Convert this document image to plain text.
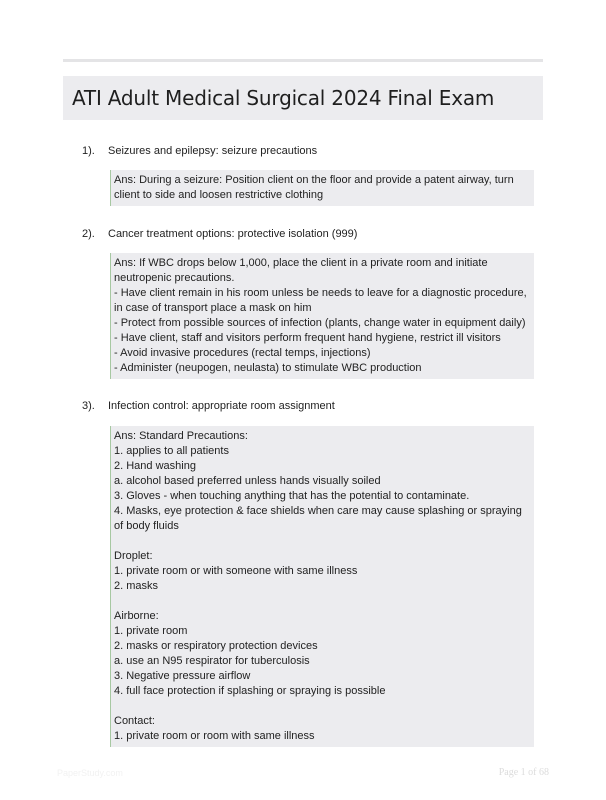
ATI Adult Medical Surgical 2024 Final Exam
1). Seizures and epilepsy: seizure precautions
Ans: During a seizure: Position client on the floor and provide a patent airway, turn client to side and loosen restrictive clothing
2). Cancer treatment options: protective isolation (999)
Ans: If WBC drops below 1,000, place the client in a private room and initiate neutropenic precautions.
- Have client remain in his room unless be needs to leave for a diagnostic procedure, in case of transport place a mask on him
- Protect from possible sources of infection (plants, change water in equipment daily)
- Have client, staff and visitors perform frequent hand hygiene, restrict ill visitors
- Avoid invasive procedures (rectal temps, injections)
- Administer (neupogen, neulasta) to stimulate WBC production
3). Infection control: appropriate room assignment
Ans: Standard Precautions:
1. applies to all patients
2. Hand washing
a. alcohol based preferred unless hands visually soiled
3. Gloves - when touching anything that has the potential to contaminate.
4. Masks, eye protection & face shields when care may cause splashing or spraying of body fluids
Droplet:
1. private room or with someone with same illness
2. masks
Airborne:
1. private room
2. masks or respiratory protection devices
a. use an N95 respirator for tuberculosis
3. Negative pressure airflow
4. full face protection if splashing or spraying is possible
Contact:
1. private room or room with same illness
PaperStudy.com	Page 1 of 68
